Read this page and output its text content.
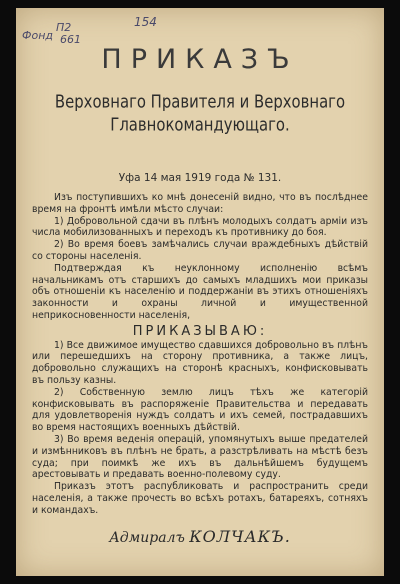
Фонд
П2
661
154
ПРИКАЗЪ
Верховнаго Правителя и Верховнаго Главнокомандующаго.
Уфа 14 мая 1919 года № 131.

Изъ поступившихъ ко мнѣ донесеній видно, что въ послѣднее время на фронтѣ имѣли мѣсто случаи:

1) Добровольной сдачи въ плѣнъ молодыхъ солдатъ арміи изъ числа мобилизованныхъ и переходъ къ противнику до боя.

2) Во время боевъ замѣчались случаи враждебныхъ дѣйствій со стороны населенія.

Подтверждая къ неуклонному исполненію всѣмъ начальникамъ отъ старшихъ до самыхъ младшихъ мои приказы объ отношеніи къ населенію и поддержаніи въ этихъ отношеніяхъ законности и охраны личной и имущественной неприкосновенности населенія,

ПРИКАЗЫВАЮ:

1) Все движимое имущество сдавшихся добровольно въ плѣнъ или перешедшихъ на сторону противника, а также лицъ, добровольно служащихъ на сторонѣ красныхъ, конфисковывать въ пользу казны.

2) Собственную землю лицъ тѣхъ же категорій конфисковывать въ распоряженіе Правительства и передавать для удовлетворенія нуждъ солдатъ и ихъ семей, пострадавшихъ во время настоящихъ военныхъ дѣйствій.

3) Во время веденія операцій, упомянутыхъ выше предателей и измѣнниковъ въ плѣнъ не брать, а разстрѣливать на мѣстѣ безъ суда; при поимкѣ же ихъ въ дальнѣйшемъ будущемъ арестовывать и предавать военно-полевому суду.

Приказъ этотъ распубликовать и распространить среди населенія, а также прочесть во всѣхъ ротахъ, батареяхъ, сотняхъ и командахъ.

Адмиралъ КОЛЧАКЪ.
